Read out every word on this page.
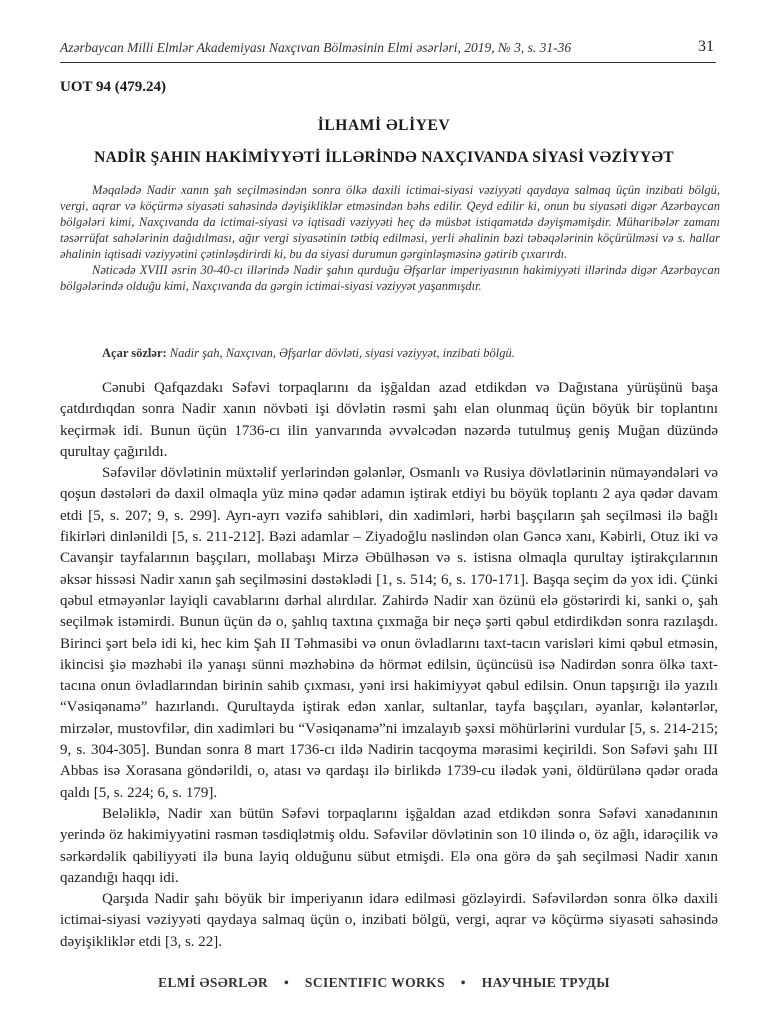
Azərbaycan Milli Elmlər Akademiyası Naxçıvan Bölməsinin Elmi əsərləri, 2019, № 3, s. 31-36	31
UOT 94 (479.24)
İLHAMİ ƏLİYEV
NADİR ŞAHIN HAKİMİYYƏTİ İLLƏRİNDƏ NAXÇIVANDA SİYASİ VƏZİYYƏT

Məqalədə Nadir xanın şah seçilməsindən sonra ölkə daxili ictimai-siyasi vəziyyəti qaydaya salmaq üçün inzibati bölgü, vergi, aqrar və köçürmə siyasəti sahəsində dəyişikliklər etməsindən bəhs edilir. Qeyd edilir ki, onun bu siyasəti digər Azərbaycan bölgələri kimi, Naxçıvanda da ictimai-siyasi və iqtisadi vəziyyəti heç də müsbət istiqamətdə dəyişməmişdir. Müharibələr zamanı təsərrüfat sahələrinin dağıdılması, ağır vergi siyasətinin tətbiq edilməsi, yerli əhalinin bəzi təbəqələrinin köçürülməsi və s. hallar əhalinin iqtisadi vəziyyətini çətinləşdirirdi ki, bu da siyasi durumun gərginləşməsinə gətirib çıxarırdı.

Nəticədə XVIII əsrin 30-40-cı illərində Nadir şahın qurduğu Əfşarlar imperiyasının hakimiyyəti illərində digər Azərbaycan bölgələrində olduğu kimi, Naxçıvanda da gərgin ictimai-siyasi vəziyyət yaşanmışdır.

Açar sözlər: Nadir şah, Naxçıvan, Əfşarlar dövləti, siyasi vəziyyət, inzibati bölgü.

Cənubi Qafqazdakı Səfəvi torpaqlarını da işğaldan azad etdikdən və Dağıstana yürüşünü başa çatdırdıqdan sonra Nadir xanın növbəti işi dövlətin rəsmi şahı elan olunmaq üçün böyük bir toplantını keçirmək idi. Bunun üçün 1736-cı ilin yanvarında əvvəlcədən nəzərdə tutulmuş geniş Muğan düzündə qurultay çağırıldı.

Səfəvilər dövlətinin müxtəlif yerlərindən gələnlər, Osmanlı və Rusiya dövlətlərinin nümayəndələri və qoşun dəstələri də daxil olmaqla yüz minə qədər adamın iştirak etdiyi bu böyük toplantı 2 aya qədər davam etdi [5, s. 207; 9, s. 299]. Ayrı-ayrı vəzifə sahibləri, din xadimləri, hərbi başçıların şah seçilməsi ilə bağlı fikirləri dinlənildi [5, s. 211-212]. Bəzi adamlar – Ziyadoğlu nəslindən olan Gəncə xanı, Kəbirli, Otuz iki və Cavanşir tayfalarının başçıları, mollabaşı Mirzə Əbülhəsən və s. istisna olmaqla qurultay iştirakçılarının əksər hissəsi Nadir xanın şah seçilməsini dəstəklədi [1, s. 514; 6, s. 170-171]. Başqa seçim də yox idi. Çünki qəbul etməyənlər layiqli cavablarını dərhal alırdılar. Zahirdə Nadir xan özünü elə göstərirdi ki, sanki o, şah seçilmək istəmirdi. Bunun üçün də o, şahlıq taxtına çıxmağa bir neçə şərti qəbul etdirdikdən sonra razılaşdı. Birinci şərt belə idi ki, hec kim Şah II Təhmasibi və onun övladlarını taxt-tacın varisləri kimi qəbul etməsin, ikincisi şiə məzhəbi ilə yanaşı sünni məzhəbinə də hörmət edilsin, üçüncüsü isə Nadirdən sonra ölkə taxt-tacına onun övladlarından birinin sahib çıxması, yəni irsi hakimiyyət qəbul edilsin. Onun tapşırığı ilə yazılı “Vəsiqənamə” hazırlandı. Qurultayda iştirak edən xanlar, sultanlar, tayfa başçıları, əyanlar, kələntərlər, mirzələr, mustovfilər, din xadimləri bu “Vəsiqənamə”ni imzalayıb şəxsi möhürlərini vurdular [5, s. 214-215; 9, s. 304-305]. Bundan sonra 8 mart 1736-cı ildə Nadirin tacqoyma mərasimi keçirildi. Son Səfəvi şahı III Abbas isə Xorasana göndərildi, o, atası və qardaşı ilə birlikdə 1739-cu ilədək yəni, öldürülənə qədər orada qaldı [5, s. 224; 6, s. 179].

Beləliklə, Nadir xan bütün Səfəvi torpaqlarını işğaldan azad etdikdən sonra Səfəvi xanədanının yerində öz hakimiyyətini rəsmən təsdiqlətmiş oldu. Səfəvilər dövlətinin son 10 ilində o, öz ağlı, idarəçilik və sərkərdəlik qabiliyyəti ilə buna layiq olduğunu sübut etmişdi. Elə ona görə də şah seçilməsi Nadir xanın qazandığı haqqı idi.

Qarşıda Nadir şahı böyük bir imperiyanın idarə edilməsi gözləyirdi. Səfəvilərdən sonra ölkə daxili ictimai-siyasi vəziyyəti qaydaya salmaq üçün o, inzibati bölgü, vergi, aqrar və köçürmə siyasəti sahəsində dəyişikliklər etdi [3, s. 22].

ELMİ ƏSƏRLƏR • SCIENTIFIC WORKS • НАУЧНЫЕ ТРУДЫ
